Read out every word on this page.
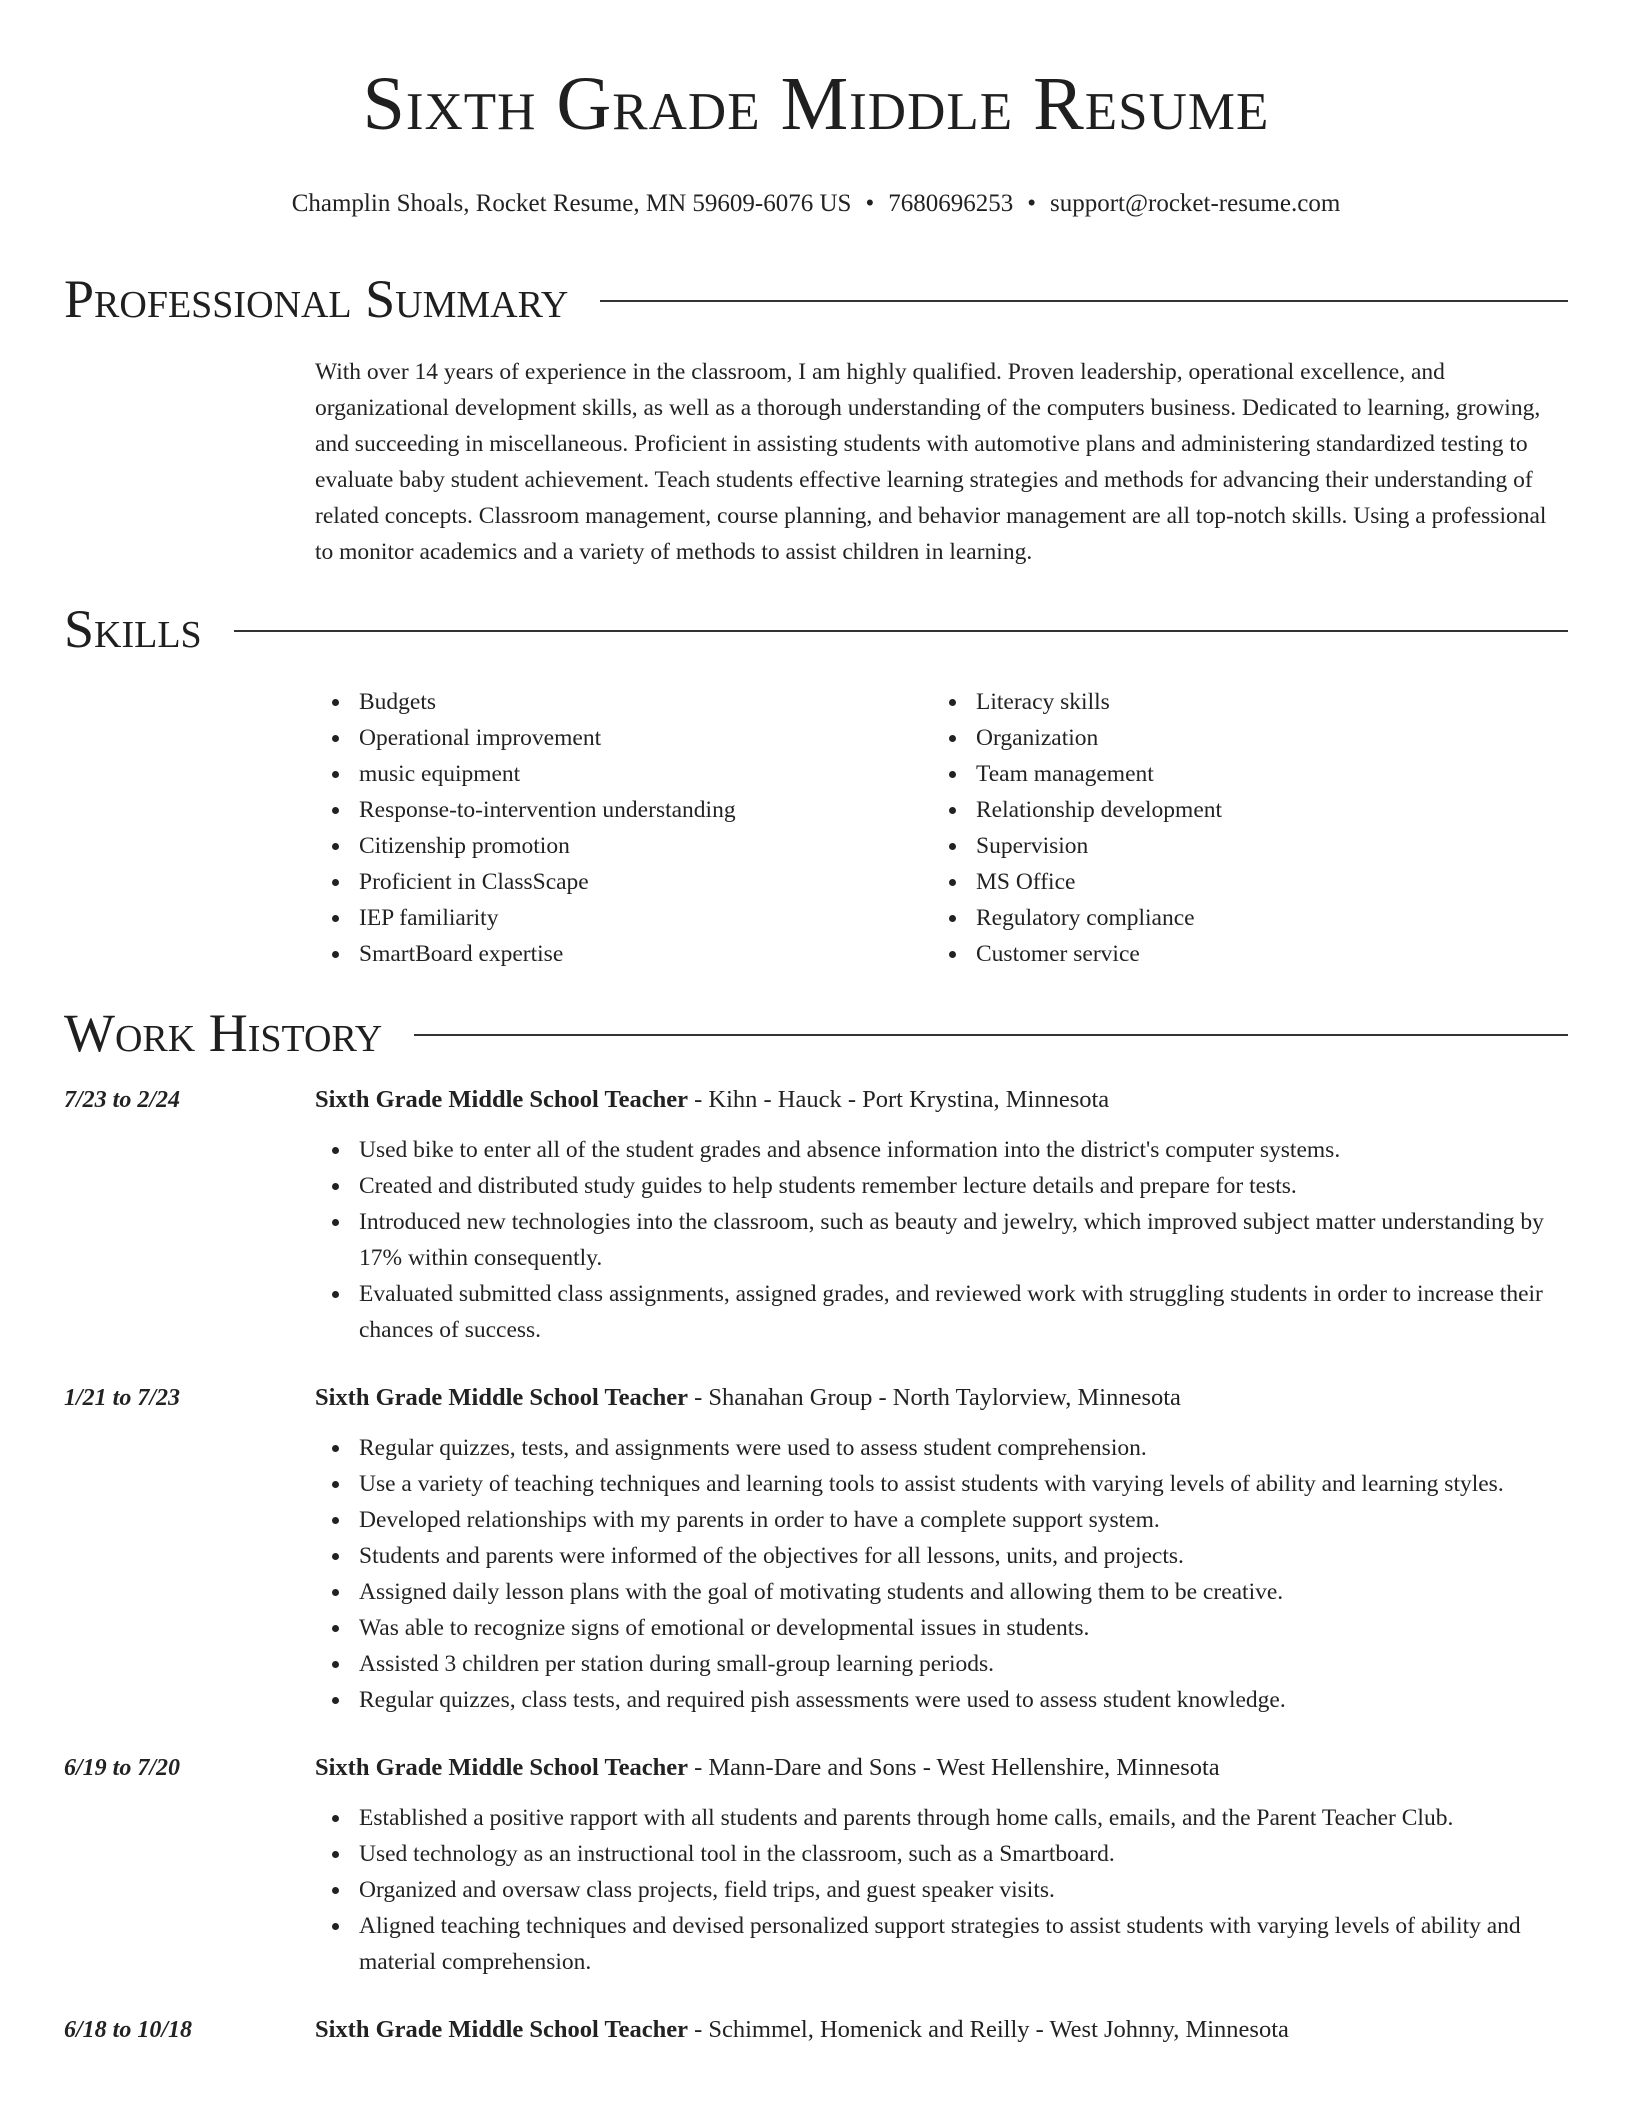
Sixth Grade Middle Resume
Champlin Shoals, Rocket Resume, MN 59609-6076 US • 7680696253 • support@rocket-resume.com
Professional Summary
With over 14 years of experience in the classroom, I am highly qualified. Proven leadership, operational excellence, and organizational development skills, as well as a thorough understanding of the computers business. Dedicated to learning, growing, and succeeding in miscellaneous. Proficient in assisting students with automotive plans and administering standardized testing to evaluate baby student achievement. Teach students effective learning strategies and methods for advancing their understanding of related concepts. Classroom management, course planning, and behavior management are all top-notch skills. Using a professional to monitor academics and a variety of methods to assist children in learning.
Skills
Budgets
Operational improvement
music equipment
Response-to-intervention understanding
Citizenship promotion
Proficient in ClassScape
IEP familiarity
SmartBoard expertise
Literacy skills
Organization
Team management
Relationship development
Supervision
MS Office
Regulatory compliance
Customer service
Work History
7/23 to 2/24	Sixth Grade Middle School Teacher - Kihn - Hauck - Port Krystina, Minnesota
Used bike to enter all of the student grades and absence information into the district's computer systems.
Created and distributed study guides to help students remember lecture details and prepare for tests.
Introduced new technologies into the classroom, such as beauty and jewelry, which improved subject matter understanding by 17% within consequently.
Evaluated submitted class assignments, assigned grades, and reviewed work with struggling students in order to increase their chances of success.
1/21 to 7/23	Sixth Grade Middle School Teacher - Shanahan Group - North Taylorview, Minnesota
Regular quizzes, tests, and assignments were used to assess student comprehension.
Use a variety of teaching techniques and learning tools to assist students with varying levels of ability and learning styles.
Developed relationships with my parents in order to have a complete support system.
Students and parents were informed of the objectives for all lessons, units, and projects.
Assigned daily lesson plans with the goal of motivating students and allowing them to be creative.
Was able to recognize signs of emotional or developmental issues in students.
Assisted 3 children per station during small-group learning periods.
Regular quizzes, class tests, and required pish assessments were used to assess student knowledge.
6/19 to 7/20	Sixth Grade Middle School Teacher - Mann-Dare and Sons - West Hellenshire, Minnesota
Established a positive rapport with all students and parents through home calls, emails, and the Parent Teacher Club.
Used technology as an instructional tool in the classroom, such as a Smartboard.
Organized and oversaw class projects, field trips, and guest speaker visits.
Aligned teaching techniques and devised personalized support strategies to assist students with varying levels of ability and material comprehension.
6/18 to 10/18	Sixth Grade Middle School Teacher - Schimmel, Homenick and Reilly - West Johnny, Minnesota
